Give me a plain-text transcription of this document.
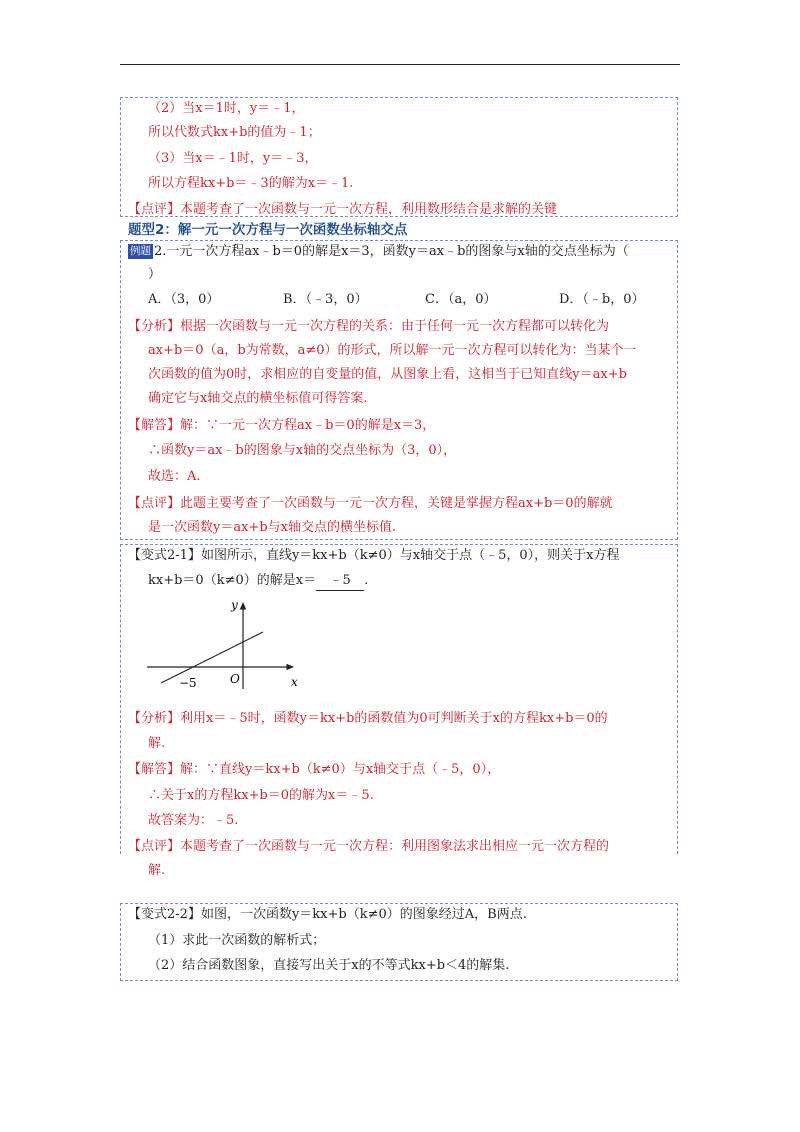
（2）当x＝1时，y＝﹣1，
所以代数式kx+b的值为﹣1；
（3）当x＝﹣1时，y＝﹣3，
所以方程kx+b＝﹣3的解为x＝﹣1.
【点评】本题考查了一次函数与一元一次方程，利用数形结合是求解的关键
题型2：解一元一次方程与一次函数坐标轴交点
例题 2.一元一次方程ax﹣b＝0的解是x＝3，函数y＝ax﹣b的图象与x轴的交点坐标为（
）
A．（3，0）	B．（﹣3，0）	C．（a，0）	D．（﹣b，0）
【分析】根据一次函数与一元一次方程的关系：由于任何一元一次方程都可以转化为
ax+b＝0（a，b为常数，a≠0）的形式，所以解一元一次方程可以转化为：当某个一
次函数的值为0时，求相应的自变量的值，从图象上看，这相当于已知直线y＝ax+b
确定它与x轴交点的横坐标值可得答案.
【解答】解：∵一元一次方程ax﹣b＝0的解是x＝3，
∴函数y＝ax﹣b的图象与x轴的交点坐标为（3，0），
故选：A.
【点评】此题主要考查了一次函数与一元一次方程，关键是掌握方程ax+b＝0的解就
是一次函数y＝ax+b与x轴交点的横坐标值.
【变式2-1】如图所示，直线y＝kx+b（k≠0）与x轴交于点（﹣5，0），则关于x方程
kx+b＝0（k≠0）的解是x＝ ﹣5 .
y
x
O
−5
【分析】利用x＝﹣5时，函数y＝kx+b的函数值为0可判断关于x的方程kx+b＝0的
解.
【解答】解：∵直线y＝kx+b（k≠0）与x轴交于点（﹣5，0），
∴关于x的方程kx+b＝0的解为x＝﹣5.
故答案为：﹣5.
【点评】本题考查了一次函数与一元一次方程：利用图象法求出相应一元一次方程的
解.
【变式2-2】如图，一次函数y＝kx+b（k≠0）的图象经过A，B两点.
（1）求此一次函数的解析式；
（2）结合函数图象，直接写出关于x的不等式kx+b＜4的解集.
